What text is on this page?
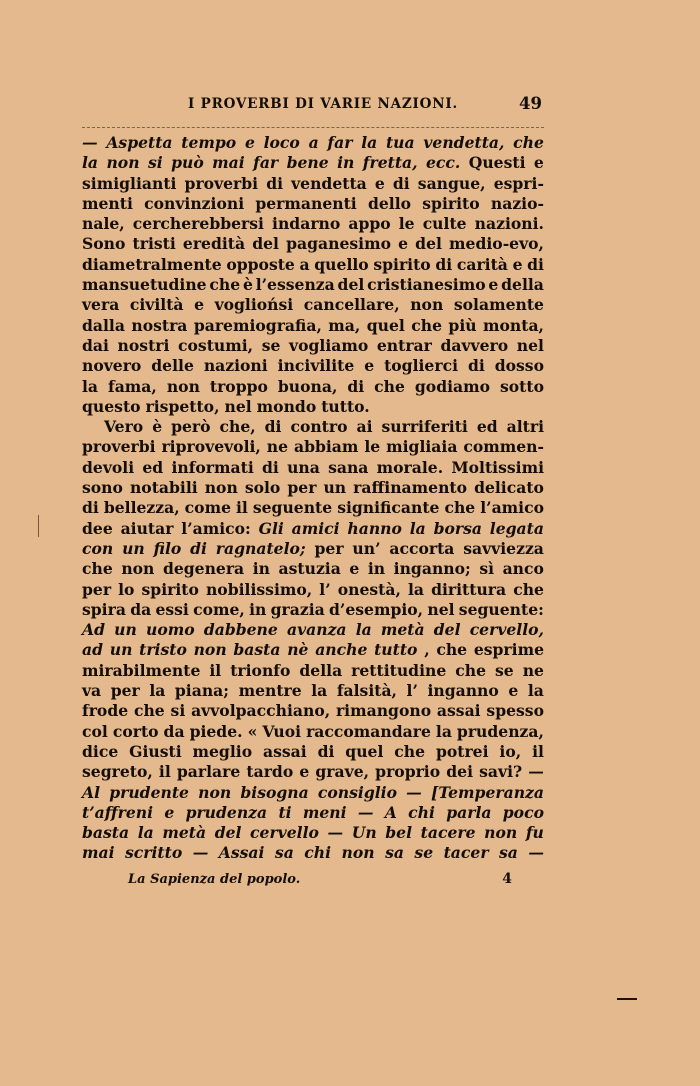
I PROVERBI DI VARIE NAZIONI.	49
— Aspetta tempo e loco a far la tua vendetta, che
la non si può mai far bene in fretta, ecc. Questi e
simiglianti proverbi di vendetta e di sangue, espri-
menti convinzioni permanenti dello spirito nazio-
nale, cercherebbersi indarno appo le culte nazioni.
Sono tristi eredità del paganesimo e del medio-evo,
diametralmente opposte a quello spirito di carità e di
mansuetudine che è l’essenza del cristianesimo e della
vera civiltà e vogliońsi cancellare, non solamente
dalla nostra paremiografia, ma, quel che più monta,
dai nostri costumi, se vogliamo entrar davvero nel
novero delle nazioni incivilite e toglierci di dosso
la fama, non troppo buona, di che godiamo sotto
questo rispetto, nel mondo tutto.
Vero è però che, di contro ai surriferiti ed altri
proverbi riprovevoli, ne abbiam le migliaia commen-
devoli ed informati di una sana morale. Moltissimi
sono notabili non solo per un raffinamento delicato
di bellezza, come il seguente significante che l’amico
dee aiutar l’amico: Gli amici hanno la borsa legata
con un filo di ragnatelo; per un’ accorta savviezza
che non degenera in astuzia e in inganno; sì anco
per lo spirito nobilissimo, l’ onestà, la dirittura che
spira da essi come, in grazia d’esempio, nel seguente:
Ad un uomo dabbene avanza la metà del cervello,
ad un tristo non basta nè anche tutto , che esprime
mirabilmente il trionfo della rettitudine che se ne
va per la piana; mentre la falsità, l’ inganno e la
frode che si avvolpacchiano, rimangono assai spesso
col corto da piede. « Vuoi raccomandare la prudenza,
dice Giusti meglio assai di quel che potrei io, il
segreto, il parlare tardo e grave, proprio dei savi? —
Al prudente non bisogna consiglio — [Temperanza
t’affreni e prudenza ti meni — A chi parla poco
basta la metà del cervello — Un bel tacere non fu
mai scritto — Assai sa chi non sa se tacer sa —
La Sapienza del popolo.	4
